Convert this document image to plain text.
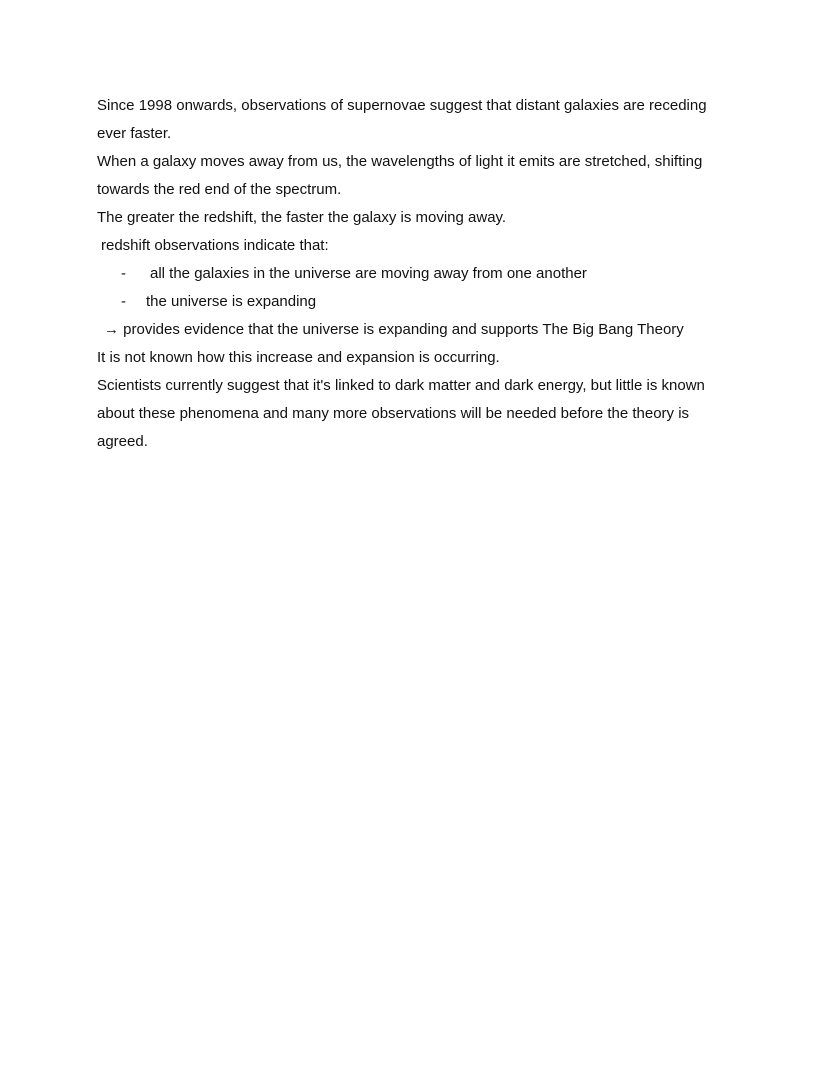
Since 1998 onwards, observations of supernovae suggest that distant galaxies are receding
ever faster.
When a galaxy moves away from us, the wavelengths of light it emits are stretched, shifting
towards the red end of the spectrum.
The greater the redshift, the faster the galaxy is moving away.
redshift observations indicate that:
- all the galaxies in the universe are moving away from one another
- the universe is expanding
→ provides evidence that the universe is expanding and supports The Big Bang Theory
It is not known how this increase and expansion is occurring.
Scientists currently suggest that it's linked to dark matter and dark energy, but little is known
about these phenomena and many more observations will be needed before the theory is
agreed.
